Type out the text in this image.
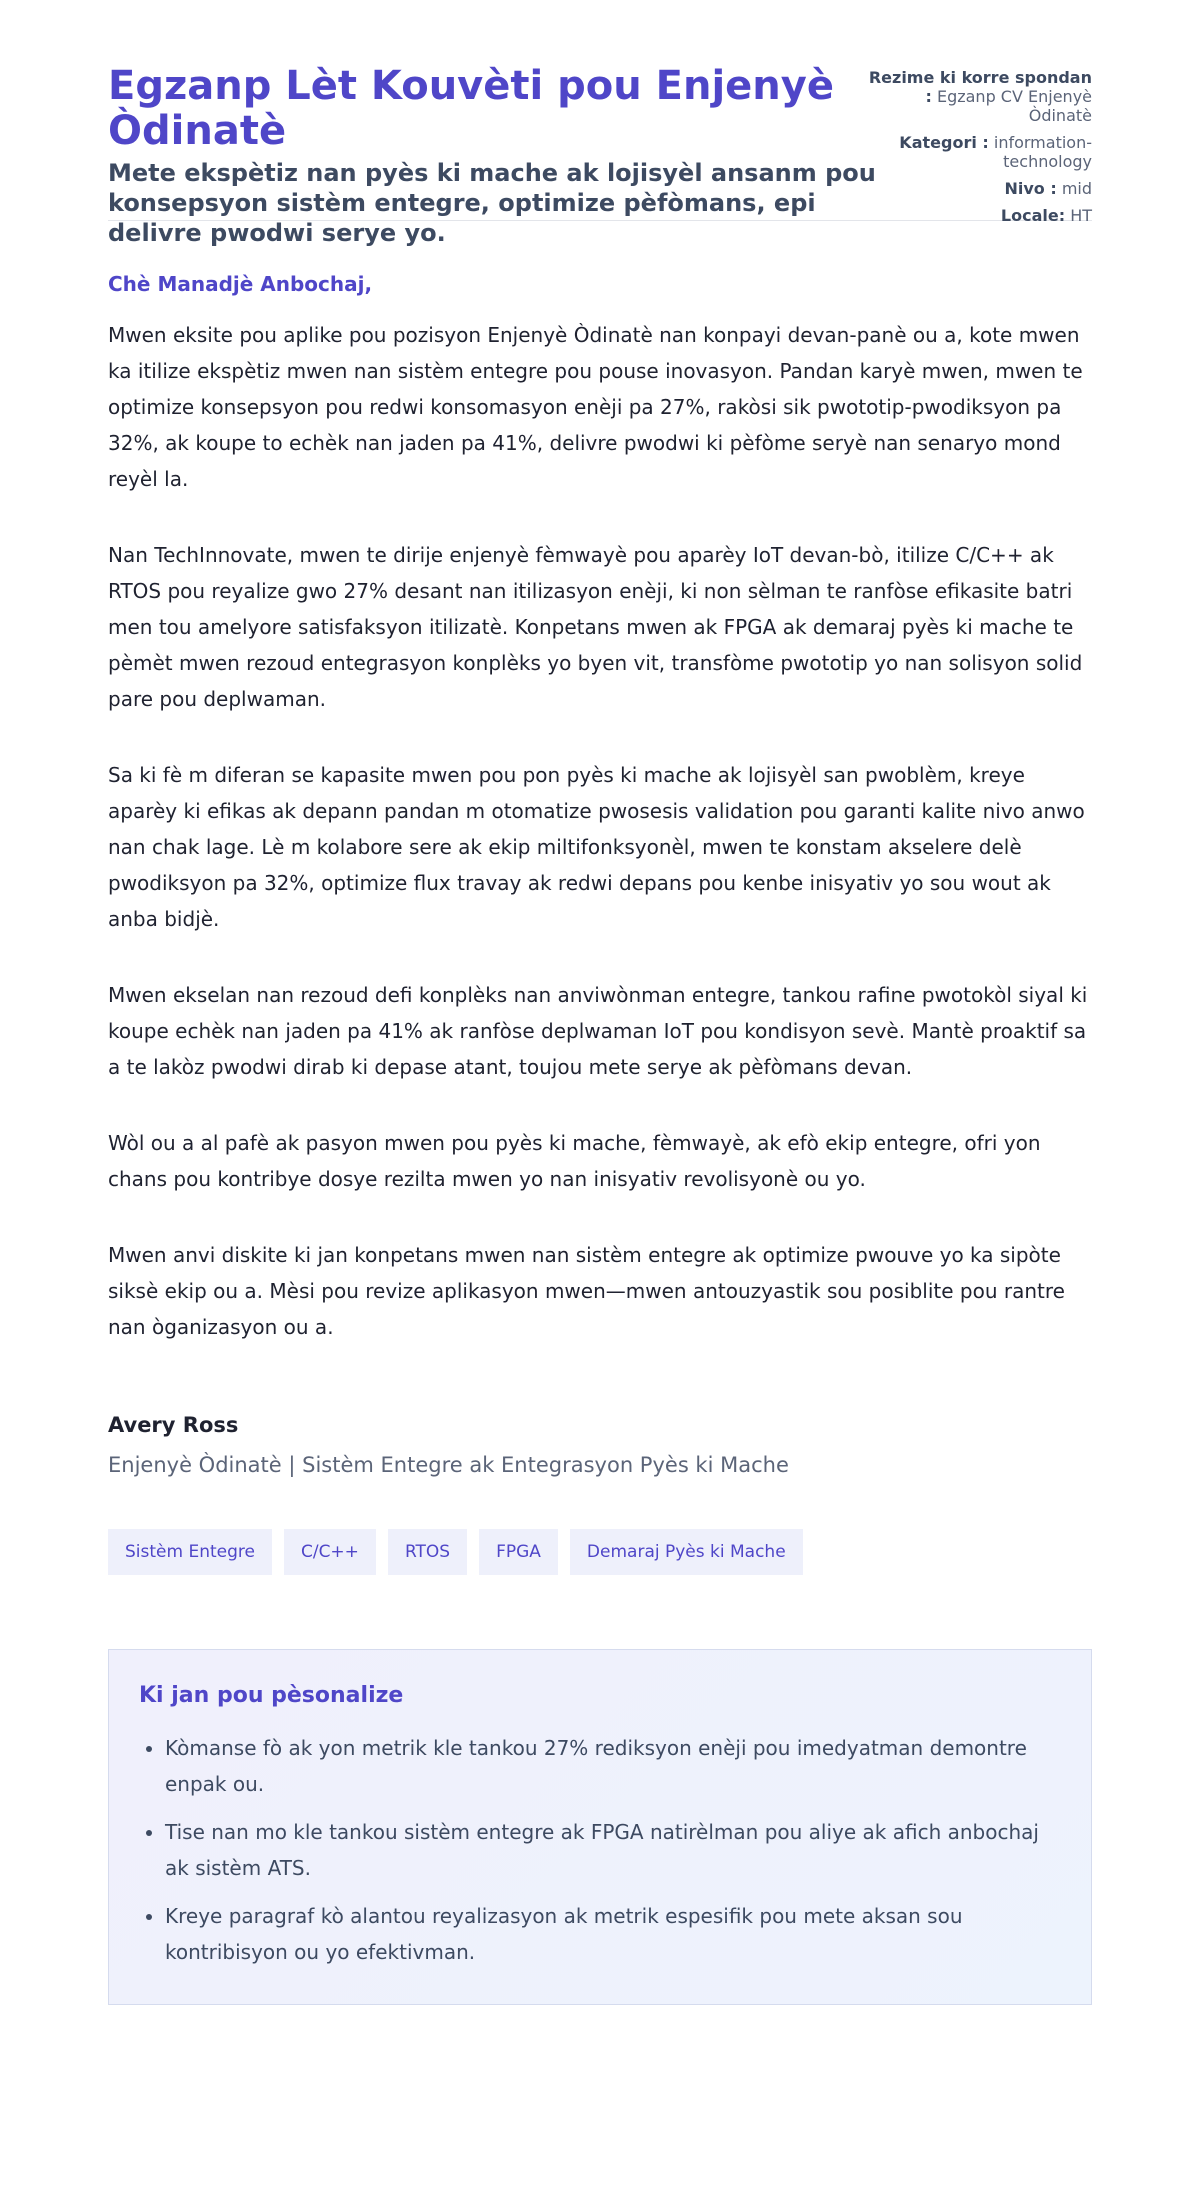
Egzanp Lèt Kouvèti pou Enjenyè Òdinatè

Mete ekspètiz nan pyès ki mache ak lojisyèl ansanm pou konsepsyon sistèm entegre, optimize pèfòmans, epi delivre pwodwi serye yo.

Rezime ki korre spondan : Egzanp CV Enjenyè Òdinatè
Kategori : information-technology
Nivo : mid
Locale: HT

Chè Manadjè Anbochaj,

Mwen eksite pou aplike pou pozisyon Enjenyè Òdinatè nan konpayi devan-panè ou a, kote mwen ka itilize ekspètiz mwen nan sistèm entegre pou pouse inovasyon. Pandan karyè mwen, mwen te optimize konsepsyon pou redwi konsomasyon enèji pa 27%, rakòsi sik pwototip-pwodiksyon pa 32%, ak koupe to echèk nan jaden pa 41%, delivre pwodwi ki pèfòme seryè nan senaryo mond reyèl la.

Nan TechInnovate, mwen te dirije enjenyè fèmwayè pou aparèy IoT devan-bò, itilize C/C++ ak RTOS pou reyalize gwo 27% desant nan itilizasyon enèji, ki non sèlman te ranfòse efikasite batri men tou amelyore satisfaksyon itilizatè. Konpetans mwen ak FPGA ak demaraj pyès ki mache te pèmèt mwen rezoud entegrasyon konplèks yo byen vit, transfòme pwototip yo nan solisyon solid pare pou deplwaman.

Sa ki fè m diferan se kapasite mwen pou pon pyès ki mache ak lojisyèl san pwoblèm, kreye aparèy ki efikas ak depann pandan m otomatize pwosesis validation pou garanti kalite nivo anwo nan chak lage. Lè m kolabore sere ak ekip miltifonksyonèl, mwen te konstam akselere delè pwodiksyon pa 32%, optimize flux travay ak redwi depans pou kenbe inisyativ yo sou wout ak anba bidjè.

Mwen ekselan nan rezoud defi konplèks nan anviwònman entegre, tankou rafine pwotokòl siyal ki koupe echèk nan jaden pa 41% ak ranfòse deplwaman IoT pou kondisyon sevè. Mantè proaktif sa a te lakòz pwodwi dirab ki depase atant, toujou mete serye ak pèfòmans devan.

Wòl ou a al pafè ak pasyon mwen pou pyès ki mache, fèmwayè, ak efò ekip entegre, ofri yon chans pou kontribye dosye rezilta mwen yo nan inisyativ revolisyonè ou yo.

Mwen anvi diskite ki jan konpetans mwen nan sistèm entegre ak optimize pwouve yo ka sipòte siksè ekip ou a. Mèsi pou revize aplikasyon mwen—mwen antouzyastik sou posiblite pou rantre nan òganizasyon ou a.

Avery Ross

Enjenyè Òdinatè | Sistèm Entegre ak Entegrasyon Pyès ki Mache

Sistèm Entegre	C/C++	RTOS	FPGA	Demaraj Pyès ki Mache
Ki jan pou pèsonalize
• Kòmanse fò ak yon metrik kle tankou 27% rediksyon enèji pou imedyatman demontre enpak ou.
• Tise nan mo kle tankou sistèm entegre ak FPGA natirèlman pou aliye ak afich anbochaj ak sistèm ATS.
• Kreye paragraf kò alantou reyalizasyon ak metrik espesifik pou mete aksan sou kontribisyon ou yo efektivman.
